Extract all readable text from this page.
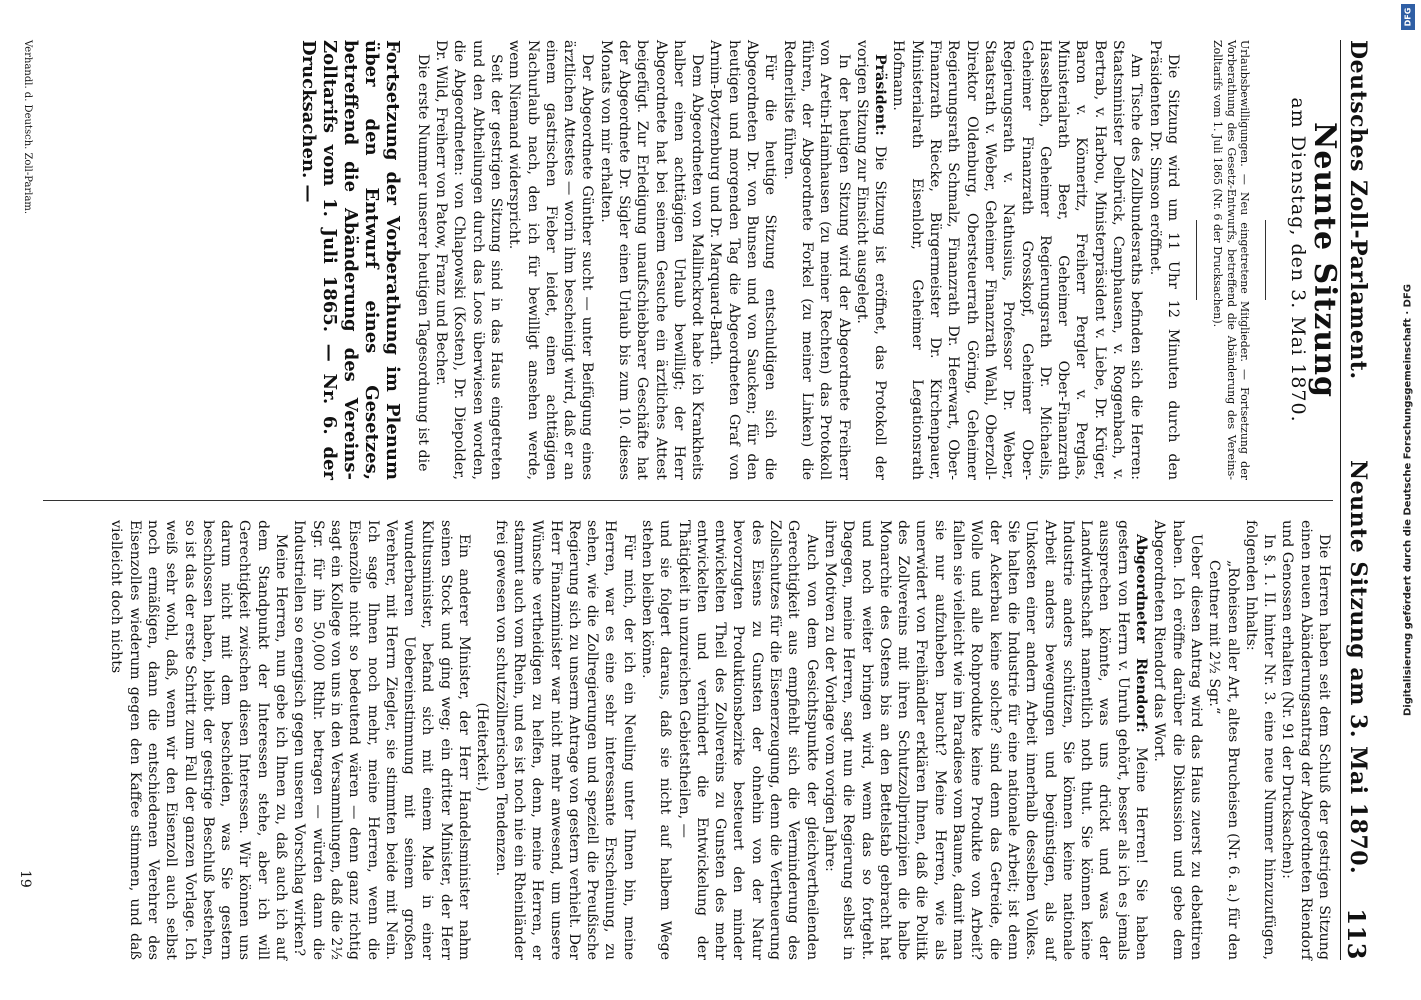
Deutsches Zoll-Parlament.
Neunte Sitzung am 3. Mai 1870.
113
Neunte Sitzung
am Dienstag, den 3. Mai 1870.
Urlaubsbewilligungen. — Neu eingetretene Mitglieder. — Fortsetzung der Vorberathung des Gesetz-Entwurfs, betreffend die Abänderung des Vereins-Zolltarifs vom 1. Juli 1865 (Nr. 6 der Drucksachen).

Die Sitzung wird um 11 Uhr 12 Minuten durch den Präsidenten Dr. Simson eröffnet.

Am Tische des Zollbundesraths befinden sich die Herren: Staatsminister Delbrück, Camphausen, v. Roggenbach, v. Bertrab, v. Harbou, Ministerpräsident v. Liebe, Dr. Krüger, Baron v. Könneritz, Freiherr Pergler v. Perglas, Ministerialrath Beer, Geheimer Ober-Finanzrath Hasselbach, Geheimer Regierungsrath Dr. Michaelis, Geheimer Finanzrath Grosskopf, Geheimer Ober-Regierungsrath v. Nathusius, Professor Dr. Weber, Staatsrath v. Weber, Geheimer Finanzrath Wahl, Oberzoll-Direktor Oldenburg, Obersteuerrath Göring, Geheimer Regierungsrath Schmalz, Finanzrath Dr. Heerwart, Ober-Finanzrath Riecke, Bürgermeister Dr. Kirchenpauer, Ministerialrath Eisenlohr, Geheimer Legationsrath Hofmann.

Präsident: Die Sitzung ist eröffnet, das Protokoll der vorigen Sitzung zur Einsicht ausgelegt.

In der heutigen Sitzung wird der Abgeordnete Freiherr von Aretin-Haimhausen (zu meiner Rechten) das Protokoll führen, der Abgeordnete Forkel (zu meiner Linken) die Rednerliste führen.

Für die heutige Sitzung entschuldigen sich die Abgeordneten Dr. von Bunsen und von Saucken; für den heutigen und morgenden Tag die Abgeordneten Graf von Arnim-Boytzenburg und Dr. Marquard-Barth.

Dem Abgeordneten von Mallinckrodt habe ich Krankheits halber einen achttägigen Urlaub bewilligt; der Herr Abgeordnete hat bei seinem Gesuche ein ärztliches Attest beigefügt. Zur Erledigung unaufschiebbarer Geschäfte hat der Abgeordnete Dr. Sigler einen Urlaub bis zum 10. dieses Monats von mir erhalten.

Der Abgeordnete Günther sucht — unter Beifügung eines ärztlichen Attestes — worin ihm bescheinigt wird, daß er an einem gastrischen Fieber leidet, einen achttägigen Nachurlaub nach, den ich für bewilligt ansehen werde, wenn Niemand widerspricht.

Seit der gestrigen Sitzung sind in das Haus eingetreten und den Abtheilungen durch das Loos überwiesen worden, die Abgeordneten: von Chlapowski (Kosten), Dr. Diepolder, Dr. Wild, Freiherr von Patow, Franz und Becher.

Die erste Nummer unserer heutigen Tagesordnung ist die

Fortsetzung der Vorberathung im Plenum über den Entwurf eines Gesetzes, betreffend die Abänderung des Vereins-Zolltarifs vom 1. Juli 1865. — Nr. 6. der Drucksachen. —

Die Herren haben seit dem Schluß der gestrigen Sitzung einen neuen Abänderungsantrag der Abgeordneten Riendorf und Genossen erhalten (Nr. 91 der Drucksachen):

In §. 1. II. hinter Nr. 3. eine neue Nummer hinzuzufügen, folgenden Inhalts:

„Roheisen aller Art, altes Brucheisen (Nr. 6. a.) für den Centner mit 2½ Sgr.“

Ueber diesen Antrag wird das Haus zuerst zu debattiren haben. Ich eröffne darüber die Diskussion und gebe dem Abgeordneten Riendorf das Wort.

Abgeordneter Riendorf: Meine Herren! Sie haben gestern von Herrn v. Unruh gehört, besser als ich es jemals aussprechen könnte, was uns drückt und was der Landwirthschaft namentlich noth thut. Sie können keine Industrie anders schützen, Sie können keine nationale Arbeit anders bewegungen und begünstigen, als auf Unkosten einer andern Arbeit innerhalb desselben Volkes. Sie halten die Industrie für eine nationale Arbeit; ist denn der Ackerbau keine solche? sind denn das Getreide, die Wolle und alle Rohprodukte keine Produkte von Arbeit? fallen sie vielleicht wie im Paradiese vom Baume, damit man sie nur aufzuheben braucht? Meine Herren, wie als unerwidert von Freihändler erklären Ihnen, daß die Politik des Zollvereins mit ihren Schutzzollprinzipien die halbe Monarchie des Ostens bis an den Bettelstab gebracht hat und noch weiter bringen wird, wenn das so fortgeht. Dagegen, meine Herren, sagt nun die Regierung selbst in ihren Motiven zu der Vorlage vom vorigen Jahre:

Auch von dem Gesichtspunkte der gleichvertheilenden Gerechtigkeit aus empfiehlt sich die Verminderung des Zollschutzes für die Eisenerzeugung, denn die Vertheuerung des Eisens zu Gunsten der ohnehin von der Natur bevorzugten Produktionsbezirke besteuert den minder entwickelten Theil des Zollvereins zu Gunsten des mehr entwickelten und verhindert die Entwickelung der Thätigkeit in unzureichen Gebietstheilen, —

und sie folgert daraus, daß sie nicht auf halbem Wege stehen bleiben könne.

Für mich, der ich ein Neuling unter Ihnen bin, meine Herren, war es eine sehr interessante Erscheinung, zu sehen, wie die Zollregierungen und speziell die Preußische Regierung sich zu unserm Antrage von gestern verhielt. Der Herr Finanzminister war nicht mehr anwesend, um unsere Wünsche vertheidigen zu helfen, denn, meine Herren, er stammt auch vom Rhein, und es ist noch nie ein Rheinländer frei gewesen von schutzzöllnerischen Tendenzen.

(Heiterkeit.)

Ein anderer Minister, der Herr Handelsminister nahm seinen Stock und ging weg; ein dritter Minister, der Herr Kultusminister, befand sich mit einem Male in einer wunderbaren Uebereinstimmung mit seinem großen Verehrer, mit Herrn Ziegler, sie stimmten beide mit Nein. Ich sage Ihnen noch mehr, meine Herren, wenn die Eisenzölle nicht so bedeutend wären — denn ganz richtig sagt ein Kollege von uns in den Versammlungen, daß die 2½ Sgr. für ihn 50,000 Rthlr. betragen — würden dann die Industriellen so energisch gegen unseren Vorschlag wirken?

Meine Herren, nun gebe ich Ihnen zu, daß auch ich auf dem Standpunkt der Interessen stehe, aber ich will Gerechtigkeit zwischen diesen Interessen. Wir können uns darum nicht mit dem bescheiden, was Sie gestern beschlossen haben, bleibt der gestrige Beschluß bestehen, so ist das der erste Schritt zum Fall der ganzen Vorlage. Ich weiß sehr wohl, daß, wenn wir den Eisenzoll auch selbst noch ermäßigen, dann die entschiedenen Verehrer des Eisenzolles wiederum gegen den Kaffee stimmen, und daß vielleicht doch nichts

Verhandl. d. Deutsch. Zoll-Parlam.
19
Digitalisierung gefördert durch die Deutsche Forschungsgemeinschaft · DFG
DFG
